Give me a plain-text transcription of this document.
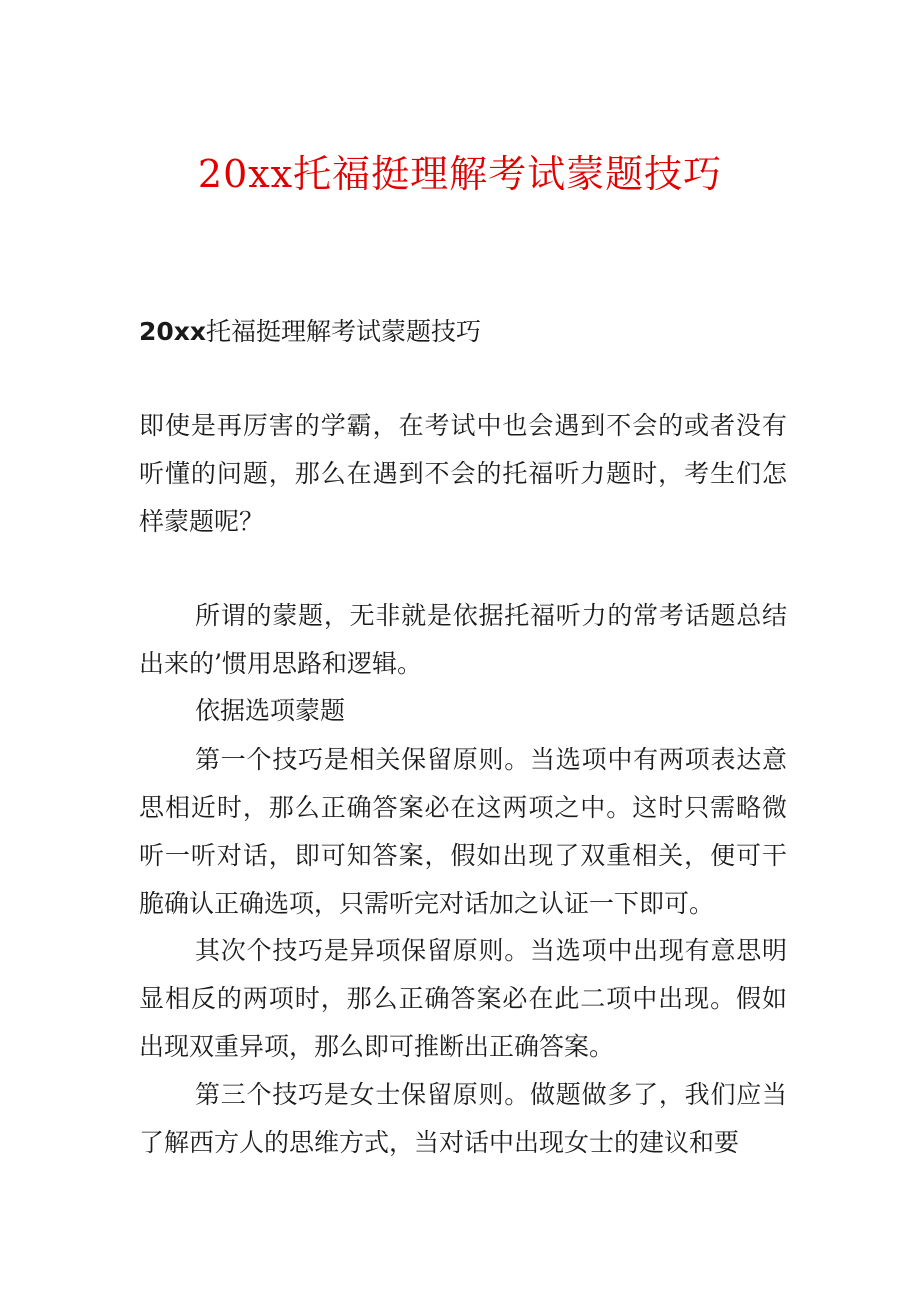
20xx托福挺理解考试蒙题技巧
20xx托福挺理解考试蒙题技巧

即使是再厉害的学霸，在考试中也会遇到不会的或者没有听懂的问题，那么在遇到不会的托福听力题时，考生们怎样蒙题呢？

所谓的蒙题，无非就是依据托福听力的常考话题总结出来的’惯用思路和逻辑。

依据选项蒙题

第一个技巧是相关保留原则。当选项中有两项表达意思相近时，那么正确答案必在这两项之中。这时只需略微听一听对话，即可知答案，假如出现了双重相关，便可干脆确认正确选项，只需听完对话加之认证一下即可。

其次个技巧是异项保留原则。当选项中出现有意思明显相反的两项时，那么正确答案必在此二项中出现。假如出现双重异项，那么即可推断出正确答案。

第三个技巧是女士保留原则。做题做多了，我们应当了解西方人的思维方式，当对话中出现女士的建议和要
